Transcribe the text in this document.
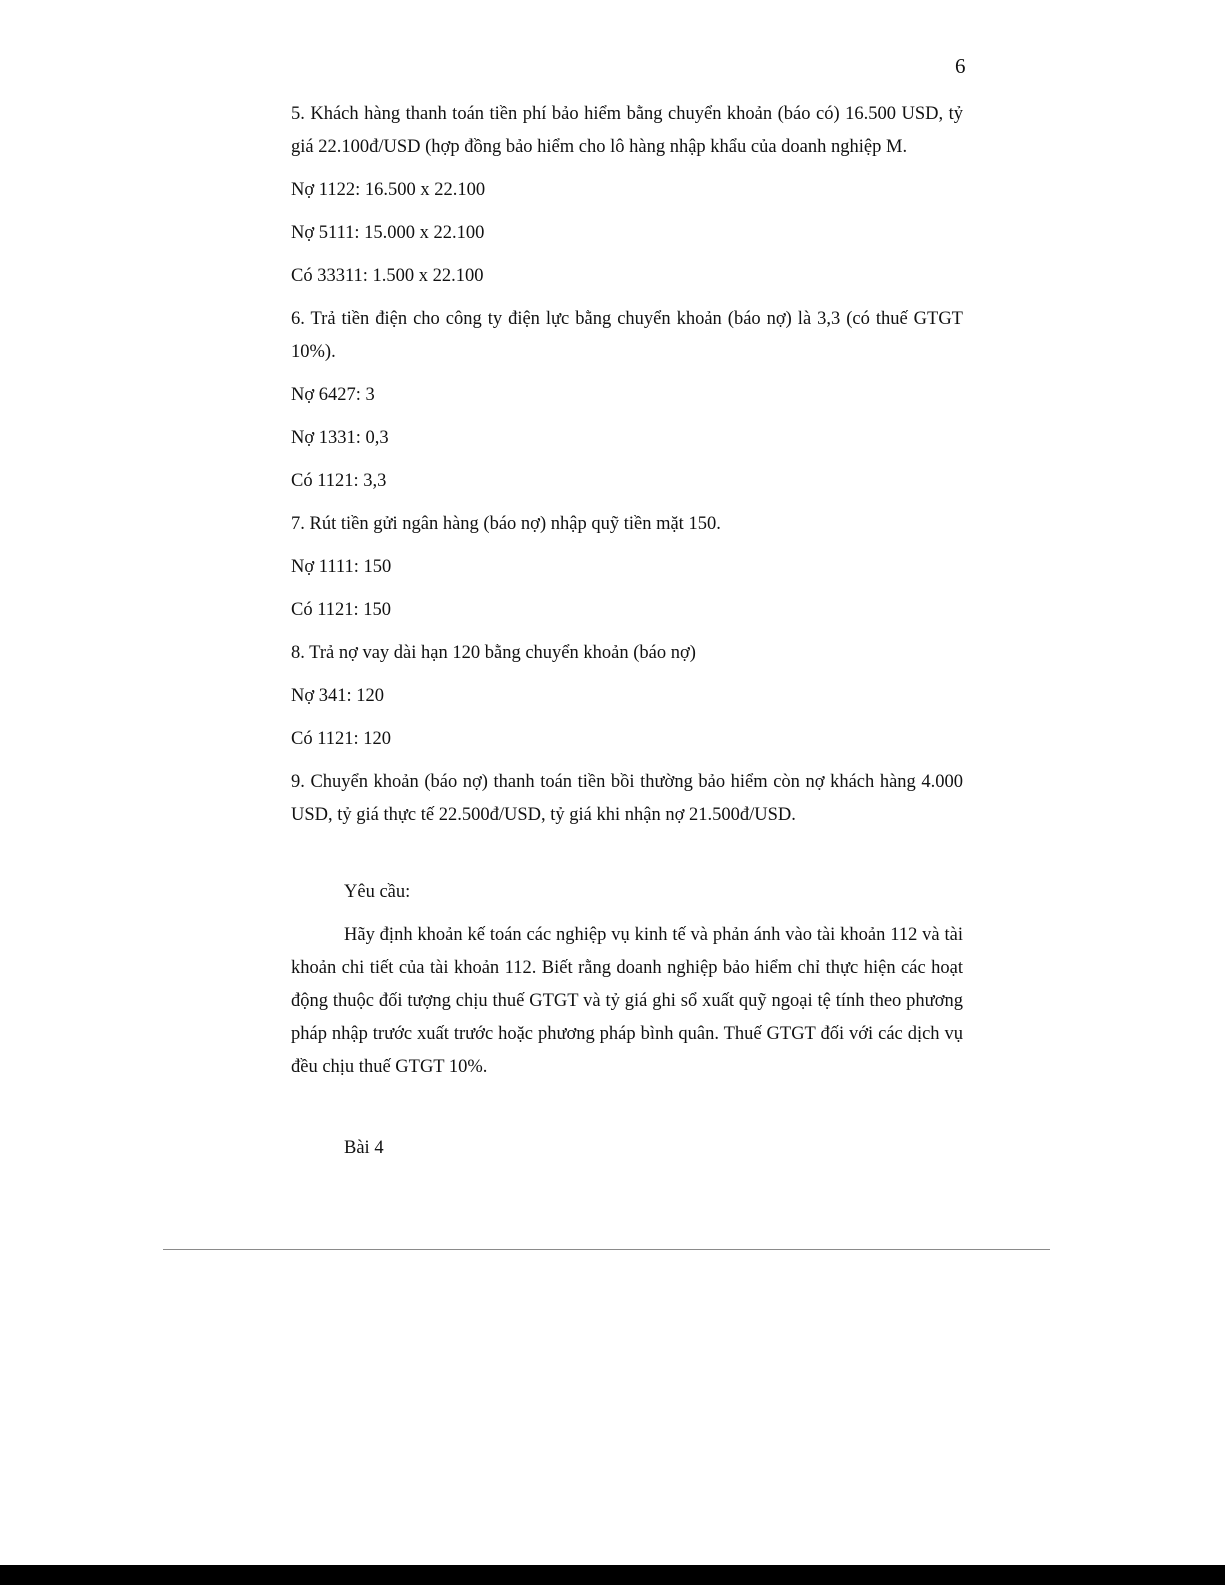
6

5. Khách hàng thanh toán tiền phí bảo hiểm bằng chuyển khoản (báo có) 16.500 USD, tỷ giá 22.100đ/USD (hợp đồng bảo hiểm cho lô hàng nhập khẩu của doanh nghiệp M.

Nợ 1122: 16.500 x 22.100

Nợ 5111: 15.000 x 22.100

Có 33311: 1.500 x 22.100

6. Trả tiền điện cho công ty điện lực bằng chuyển khoản (báo nợ) là 3,3 (có thuế GTGT 10%).

Nợ 6427: 3

Nợ 1331: 0,3

Có 1121: 3,3

7. Rút tiền gửi ngân hàng (báo nợ) nhập quỹ tiền mặt 150.

Nợ 1111: 150

Có 1121: 150

8. Trả nợ vay dài hạn 120 bằng chuyển khoản (báo nợ)

Nợ 341: 120

Có 1121: 120

9. Chuyển khoản (báo nợ) thanh toán tiền bồi thường bảo hiểm còn nợ khách hàng 4.000 USD, tỷ giá thực tế 22.500đ/USD, tỷ giá khi nhận nợ 21.500đ/USD.

Yêu cầu:

Hãy định khoản kế toán các nghiệp vụ kinh tế và phản ánh vào tài khoản 112 và tài khoản chi tiết của tài khoản 112. Biết rằng doanh nghiệp bảo hiểm chỉ thực hiện các hoạt động thuộc đối tượng chịu thuế GTGT và tỷ giá ghi sổ xuất quỹ ngoại tệ tính theo phương pháp nhập trước xuất trước hoặc phương pháp bình quân. Thuế GTGT đối với các dịch vụ đều chịu thuế GTGT 10%.

Bài 4
